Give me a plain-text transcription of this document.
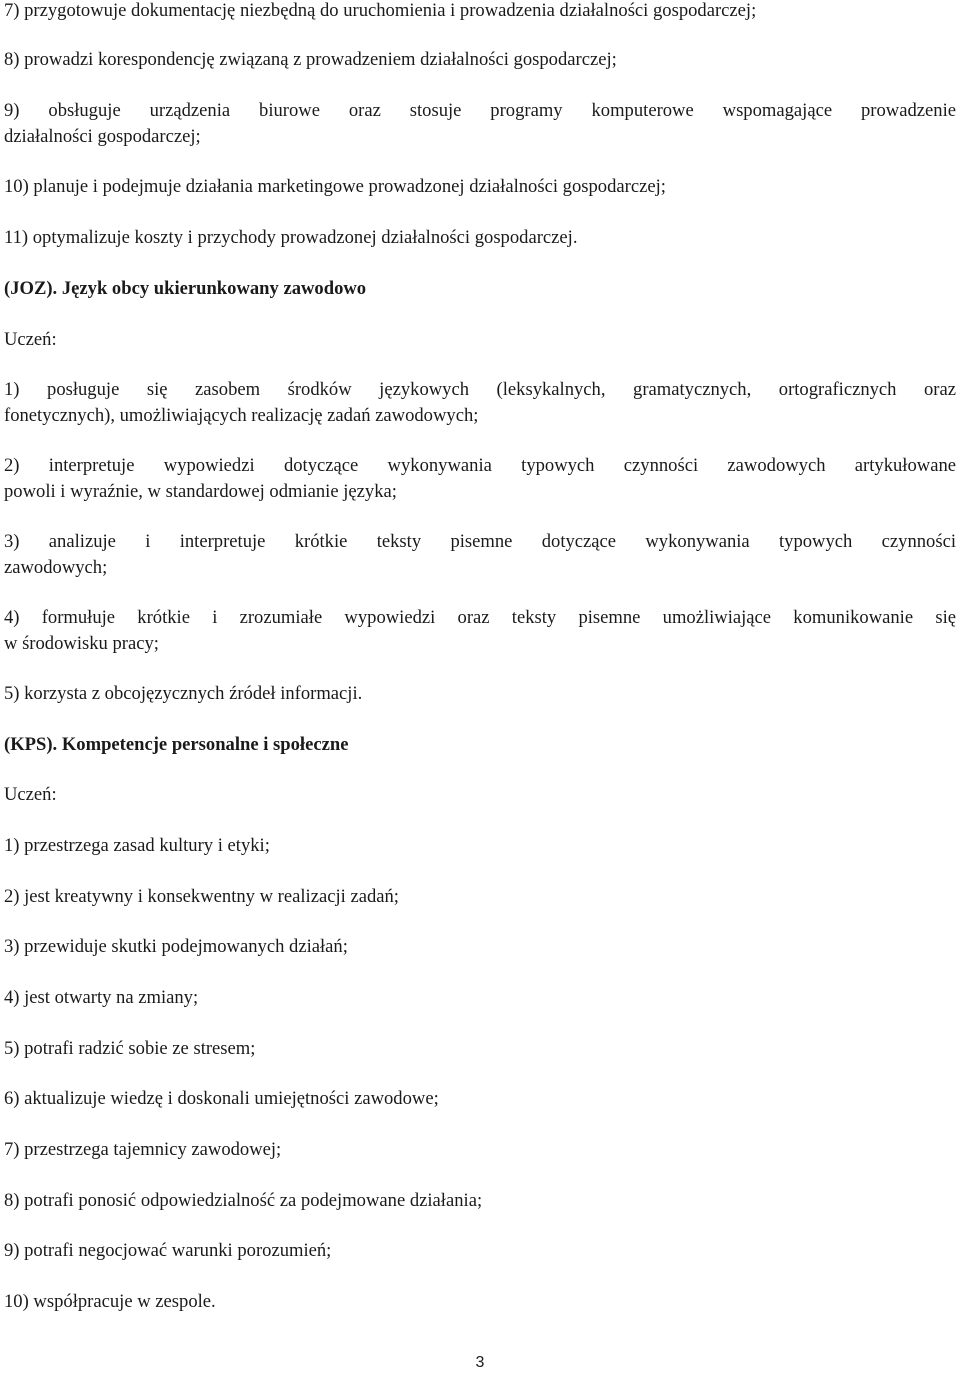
7) przygotowuje dokumentację niezbędną do uruchomienia i prowadzenia działalności gospodarczej;
8) prowadzi korespondencję związaną z prowadzeniem działalności gospodarczej;
9) obsługuje urządzenia biurowe oraz stosuje programy komputerowe wspomagające prowadzenie
działalności gospodarczej;
10) planuje i podejmuje działania marketingowe prowadzonej działalności gospodarczej;
11) optymalizuje koszty i przychody prowadzonej działalności gospodarczej.
(JOZ). Język obcy ukierunkowany zawodowo
Uczeń:
1) posługuje się zasobem środków językowych (leksykalnych, gramatycznych, ortograficznych oraz
fonetycznych), umożliwiających realizację zadań zawodowych;
2) interpretuje wypowiedzi dotyczące wykonywania typowych czynności zawodowych artykułowane
powoli i wyraźnie, w standardowej odmianie języka;
3) analizuje i interpretuje krótkie teksty pisemne dotyczące wykonywania typowych czynności
zawodowych;
4) formułuje krótkie i zrozumiałe wypowiedzi oraz teksty pisemne umożliwiające komunikowanie się
w środowisku pracy;
5) korzysta z obcojęzycznych źródeł informacji.
(KPS). Kompetencje personalne i społeczne
Uczeń:
1) przestrzega zasad kultury i etyki;
2) jest kreatywny i konsekwentny w realizacji zadań;
3) przewiduje skutki podejmowanych działań;
4) jest otwarty na zmiany;
5) potrafi radzić sobie ze stresem;
6) aktualizuje wiedzę i doskonali umiejętności zawodowe;
7) przestrzega tajemnicy zawodowej;
8) potrafi ponosić odpowiedzialność za podejmowane działania;
9) potrafi negocjować warunki porozumień;
10) współpracuje w zespole.
3
